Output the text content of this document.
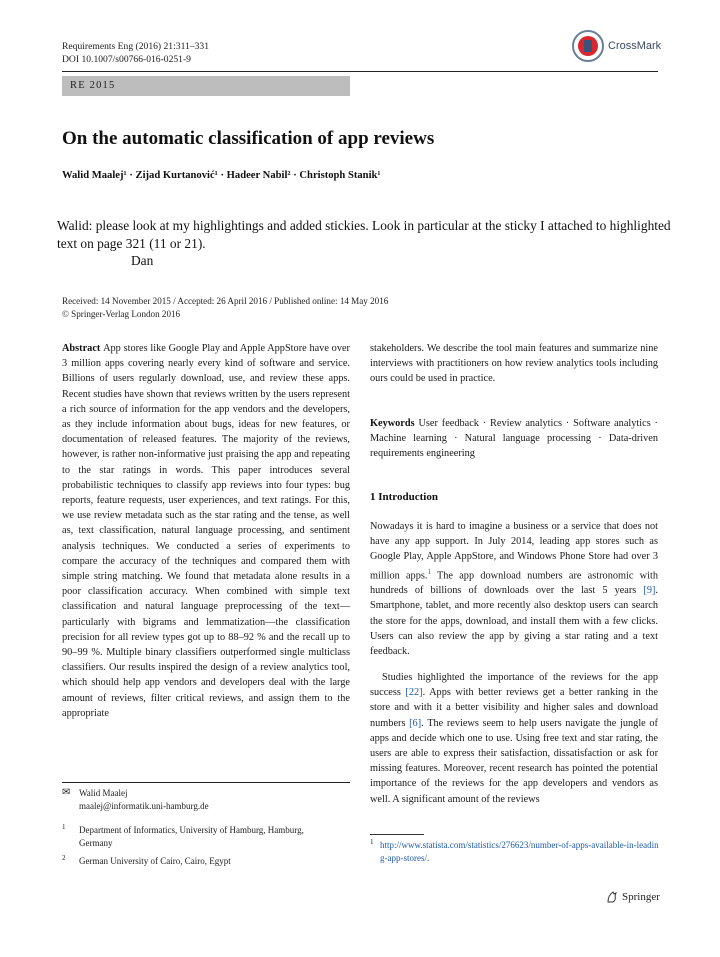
Requirements Eng (2016) 21:311–331
DOI 10.1007/s00766-016-0251-9
CrossMark
RE 2015
On the automatic classification of app reviews
Walid Maalej¹ · Zijad Kurtanović¹ · Hadeer Nabil² · Christoph Stanik¹
Walid: please look at my highlightings and added stickies. Look in particular at the sticky I attached to highlighted text on page 321 (11 or 21).
Dan
Received: 14 November 2015 / Accepted: 26 April 2016 / Published online: 14 May 2016
© Springer-Verlag London 2016
Abstract App stores like Google Play and Apple AppStore have over 3 million apps covering nearly every kind of software and service. Billions of users regularly download, use, and review these apps. Recent studies have shown that reviews written by the users represent a rich source of information for the app vendors and the developers, as they include information about bugs, ideas for new features, or documentation of released features. The majority of the reviews, however, is rather non-informative just praising the app and repeating to the star ratings in words. This paper introduces several probabilistic techniques to classify app reviews into four types: bug reports, feature requests, user experiences, and text ratings. For this, we use review metadata such as the star rating and the tense, as well as, text classification, natural language processing, and sentiment analysis techniques. We conducted a series of experiments to compare the accuracy of the techniques and compared them with simple string matching. We found that metadata alone results in a poor classification accuracy. When combined with simple text classification and natural language preprocessing of the text—particularly with bigrams and lemmatization—the classification precision for all review types got up to 88–92 % and the recall up to 90–99 %. Multiple binary classifiers outperformed single multiclass classifiers. Our results inspired the design of a review analytics tool, which should help app vendors and developers deal with the large amount of reviews, filter critical reviews, and assign them to the appropriate
stakeholders. We describe the tool main features and summarize nine interviews with practitioners on how review analytics tools including ours could be used in practice.
Keywords User feedback · Review analytics · Software analytics · Machine learning · Natural language processing · Data-driven requirements engineering
1 Introduction
Nowadays it is hard to imagine a business or a service that does not have any app support. In July 2014, leading app stores such as Google Play, Apple AppStore, and Windows Phone Store had over 3 million apps.$^1$ The app download numbers are astronomic with hundreds of billions of downloads over the last 5 years [9]. Smartphone, tablet, and more recently also desktop users can search the store for the apps, download, and install them with a few clicks. Users can also review the app by giving a star rating and a text feedback.
Studies highlighted the importance of the reviews for the app success [22]. Apps with better reviews get a better ranking in the store and with it a better visibility and higher sales and download numbers [6]. The reviews seem to help users navigate the jungle of apps and decide which one to use. Using free text and star rating, the users are able to express their satisfaction, dissatisfaction or ask for missing features. Moreover, recent research has pointed the potential importance of the reviews for the app developers and vendors as well. A significant amount of the reviews
✉ Walid Maalej
maalej@informatik.uni-hamburg.de
1	Department of Informatics, University of Hamburg, Hamburg, Germany
2	German University of Cairo, Cairo, Egypt
1 http://www.statista.com/statistics/276623/number-of-apps-available-in-leading-app-stores/.
Springer
